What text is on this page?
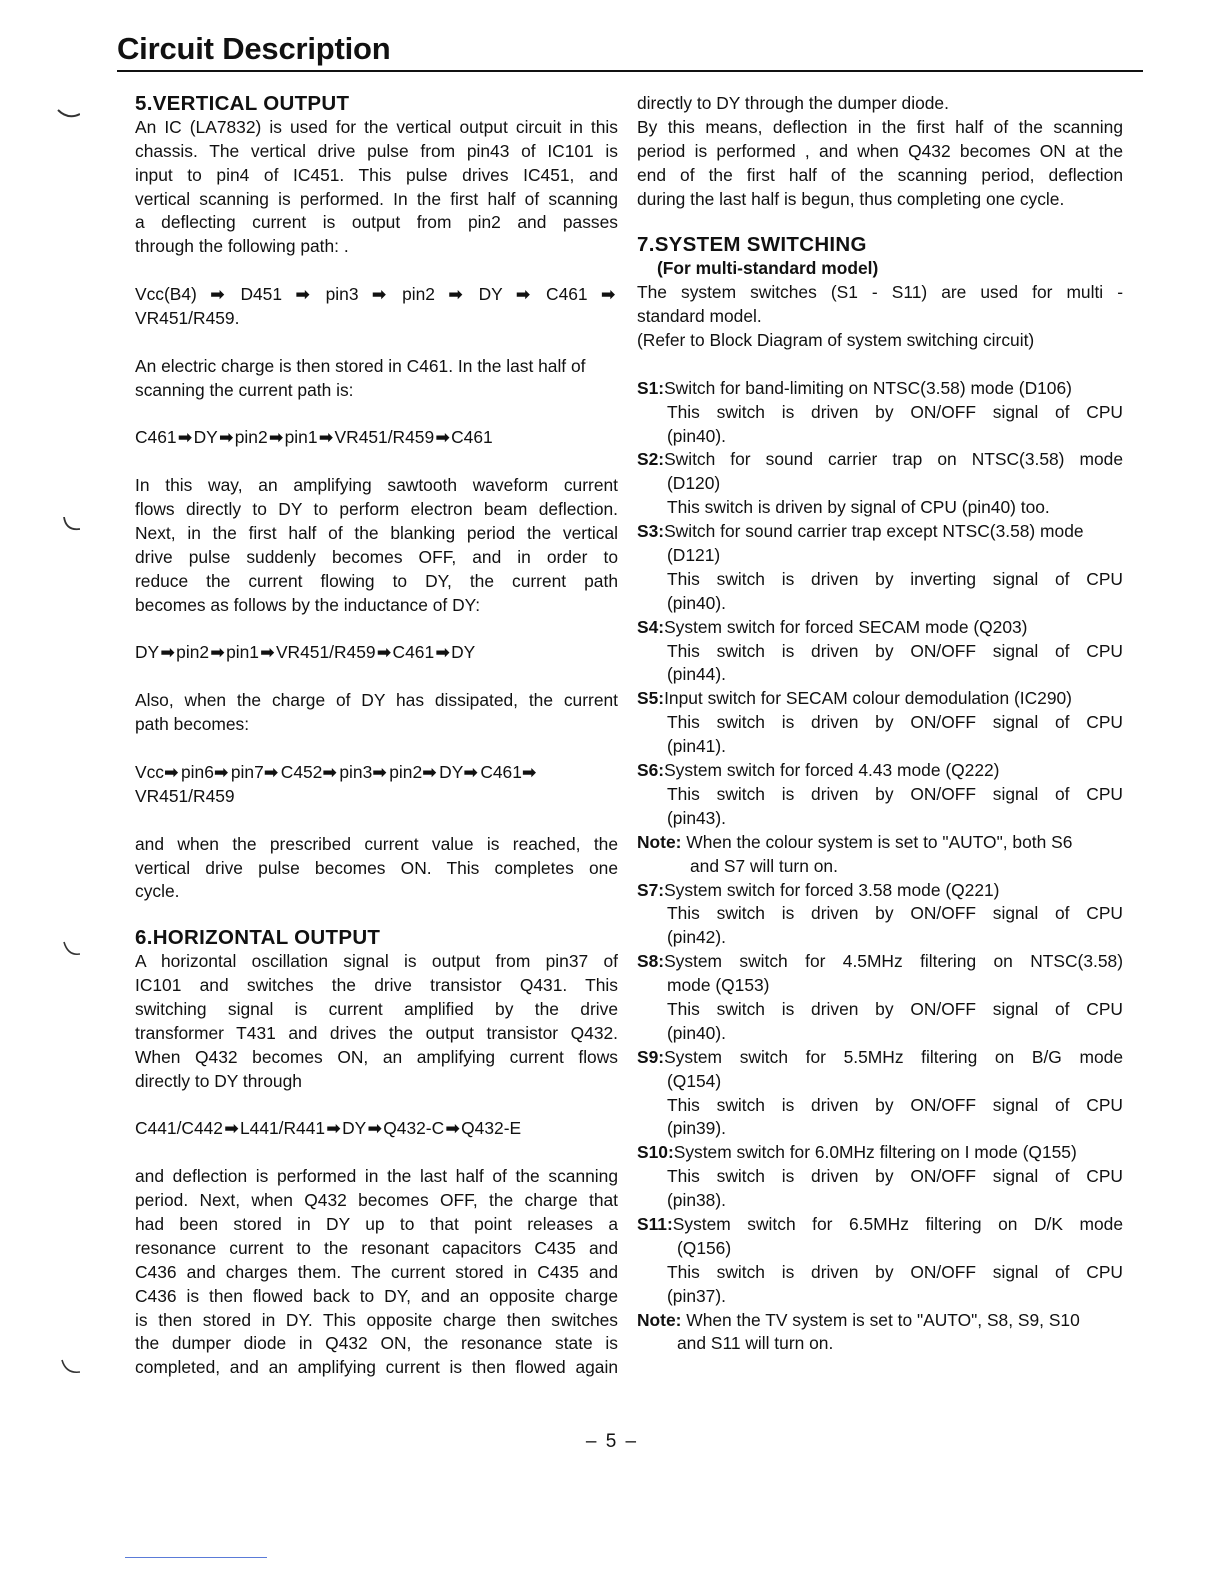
Circuit Description
5.VERTICAL OUTPUT
An IC (LA7832) is used for the vertical output circuit in this
chassis. The vertical drive pulse from pin43 of IC101 is
input to pin4 of IC451. This pulse drives IC451, and
vertical scanning is performed. In the first half of scanning
a deflecting current is output from pin2 and passes
through the following path: .
Vcc(B4) ➡ D451 ➡ pin3 ➡ pin2 ➡ DY ➡ C461 ➡
VR451/R459.
An electric charge is then stored in C461. In the last half of
scanning the current path is:
C461➡DY➡pin2➡pin1➡VR451/R459➡C461
In this way, an amplifying sawtooth waveform current
flows directly to DY to perform electron beam deflection.
Next, in the first half of the blanking period the vertical
drive pulse suddenly becomes OFF, and in order to
reduce the current flowing to DY, the current path
becomes as follows by the inductance of DY:
DY➡pin2➡pin1➡VR451/R459➡C461➡DY
Also, when the charge of DY has dissipated, the current
path becomes:
Vcc➡ pin6➡ pin7➡ C452➡ pin3➡ pin2➡ DY➡ C461➡
VR451/R459
and when the prescribed current value is reached, the
vertical drive pulse becomes ON. This completes one
cycle.
6.HORIZONTAL OUTPUT
A horizontal oscillation signal is output from pin37 of
IC101 and switches the drive transistor Q431. This
switching signal is current amplified by the drive
transformer T431 and drives the output transistor Q432.
When Q432 becomes ON, an amplifying current flows
directly to DY through
C441/C442➡L441/R441➡DY➡Q432-C➡Q432-E
and deflection is performed in the last half of the scanning
period. Next, when Q432 becomes OFF, the charge that
had been stored in DY up to that point releases a
resonance current to the resonant capacitors C435 and
C436 and charges them. The current stored in C435 and
C436 is then flowed back to DY, and an opposite charge
is then stored in DY. This opposite charge then switches
the dumper diode in Q432 ON, the resonance state is
completed, and an amplifying current is then flowed again
directly to DY through the dumper diode.
By this means, deflection in the first half of the scanning
period is performed , and when Q432 becomes ON at the
end of the first half of the scanning period, deflection
during the last half is begun, thus completing one cycle.
7.SYSTEM SWITCHING
(For multi-standard model)
The system switches (S1 - S11) are used for multi -
standard model.
(Refer to Block Diagram of system switching circuit)
S1:Switch for band-limiting on NTSC(3.58) mode (D106)
This switch is driven by ON/OFF signal of CPU
(pin40).
S2:Switch for sound carrier trap on NTSC(3.58) mode
(D120)
This switch is driven by signal of CPU (pin40) too.
S3:Switch for sound carrier trap except NTSC(3.58) mode
(D121)
This switch is driven by inverting signal of CPU
(pin40).
S4:System switch for forced SECAM mode (Q203)
This switch is driven by ON/OFF signal of CPU
(pin44).
S5:Input switch for SECAM colour demodulation (IC290)
This switch is driven by ON/OFF signal of CPU
(pin41).
S6:System switch for forced 4.43 mode (Q222)
This switch is driven by ON/OFF signal of CPU
(pin43).
Note: When the colour system is set to "AUTO", both S6
and S7 will turn on.
S7:System switch for forced 3.58 mode (Q221)
This switch is driven by ON/OFF signal of CPU
(pin42).
S8:System switch for 4.5MHz filtering on NTSC(3.58)
mode (Q153)
This switch is driven by ON/OFF signal of CPU
(pin40).
S9:System switch for 5.5MHz filtering on B/G mode
(Q154)
This switch is driven by ON/OFF signal of CPU
(pin39).
S10:System switch for 6.0MHz filtering on I mode (Q155)
This switch is driven by ON/OFF signal of CPU
(pin38).
S11:System switch for 6.5MHz filtering on D/K mode
(Q156)
This switch is driven by ON/OFF signal of CPU
(pin37).
Note: When the TV system is set to "AUTO", S8, S9, S10
and S11 will turn on.
– 5 –
